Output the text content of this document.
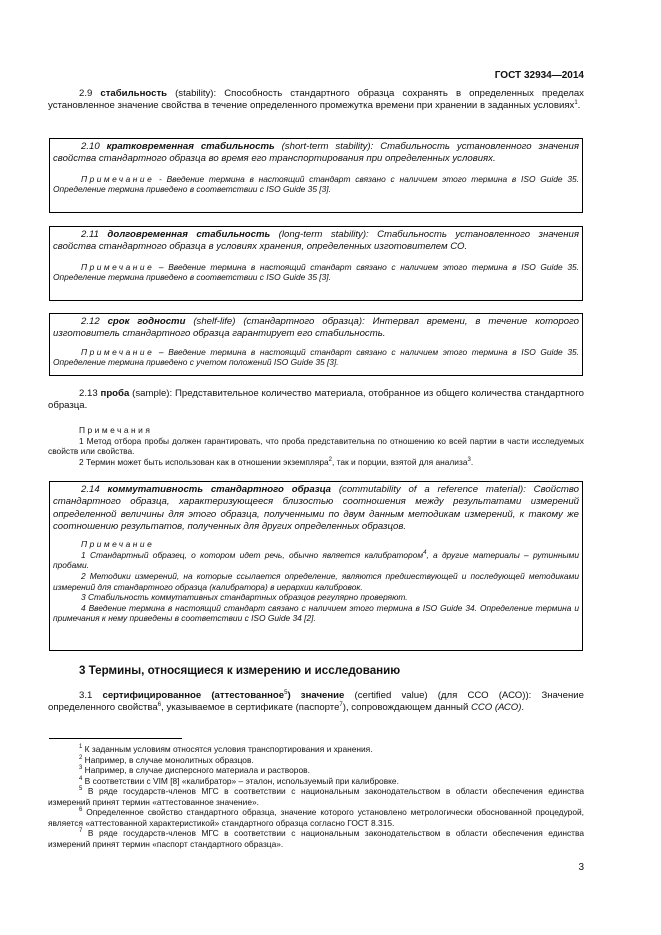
ГОСТ 32934—2014
2.9 стабильность (stability): Способность стандартного образца сохранять в определенных пределах установленное значение свойства в течение определенного промежутка времени при хранении в заданных условиях$^1$.
2.10 кратковременная стабильность (short-term stability): Стабильность установленного значения свойства стандартного образца во время его транспортирования при определенных условиях.
Примечание - Введение термина в настоящий стандарт связано с наличием этого термина в ISO Guide 35. Определение термина приведено в соответствии с ISO Guide 35 [3].
2.11 долговременная стабильность (long-term stability): Стабильность установленного значения свойства стандартного образца в условиях хранения, определенных изготовителем СО.
Примечание – Введение термина в настоящий стандарт связано с наличием этого термина в ISO Guide 35. Определение термина приведено в соответствии с ISO Guide 35 [3].
2.12 срок годности (shelf-life) (стандартного образца): Интервал времени, в течение которого изготовитель стандартного образца гарантирует его стабильность.
Примечание – Введение термина в настоящий стандарт связано с наличием этого термина в ISO Guide 35. Определение термина приведено с учетом положений ISO Guide 35 [3].
2.13 проба (sample): Представительное количество материала, отобранное из общего количества стандартного образца.
Примечания
1 Метод отбора пробы должен гарантировать, что проба представительна по отношению ко всей партии в части исследуемых свойств или свойства.
2 Термин может быть использован как в отношении экземпляра$^2$, так и порции, взятой для анализа$^3$.
2.14 коммутативность стандартного образца (commutability of a reference material): Свойство стандартного образца, характеризующееся близостью соотношения между результатами измерений определенной величины для этого образца, полученными по двум данным методикам измерений, к такому же соотношению результатов, полученных для других определенных образцов.
Примечание
1 Стандартный образец, о котором идет речь, обычно является калибратором$^4$, а другие материалы – рутинными пробами.
2 Методики измерений, на которые ссылается определение, являются предшествующей и последующей методиками измерений для стандартного образца (калибратора) в иерархии калибровок.
3 Стабильность коммутативных стандартных образцов регулярно проверяют.
4 Введение термина в настоящий стандарт связано с наличием этого термина в ISO Guide 34. Определение термина и примечания к нему приведены в соответствии с ISO Guide 34 [2].
3 Термины, относящиеся к измерению и исследованию
3.1 сертифицированное (аттестованное$^5$) значение (certified value) (для ССО (АСО)): Значение определенного свойства$^6$, указываемое в сертификате (паспорте$^7$), сопровождающем данный ССО (АСО).
$^1$ К заданным условиям относятся условия транспортирования и хранения.
$^2$ Например, в случае монолитных образцов.
$^3$ Например, в случае дисперсного материала и растворов.
$^4$ В соответствии с VIM [8] «калибратор» – эталон, используемый при калибровке.
$^5$ В ряде государств-членов МГС в соответствии с национальным законодательством в области обеспечения единства измерений принят термин «аттестованное значение».
$^6$ Определенное свойство стандартного образца, значение которого установлено метрологически обоснованной процедурой, является «аттестованной характеристикой» стандартного образца согласно ГОСТ 8.315.
$^7$ В ряде государств-членов МГС в соответствии с национальным законодательством в области обеспечения единства измерений принят термин «паспорт стандартного образца».
3
